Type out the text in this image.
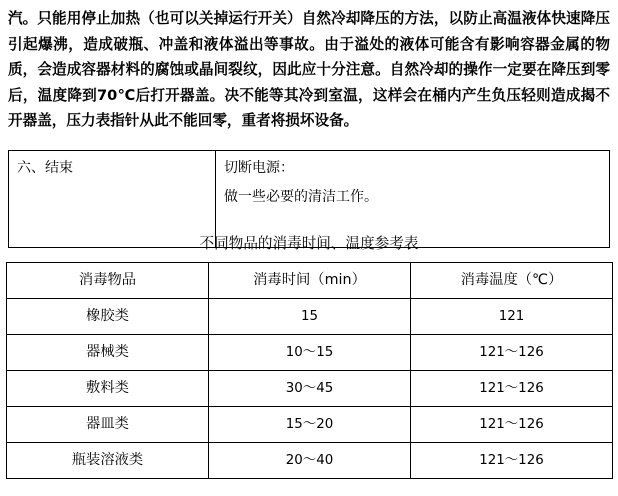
汽。只能用停止加热（也可以关掉运行开关）自然冷却降压的方法，以防止高温液体快速降压引起爆沸，造成破瓶、冲盖和液体溢出等事故。由于溢处的液体可能含有影响容器金属的物质，会造成容器材料的腐蚀或晶间裂纹，因此应十分注意。自然冷却的操作一定要在降压到零后，温度降到70℃后打开器盖。决不能等其冷到室温，这样会在桶内产生负压轻则造成揭不开器盖，压力表指针从此不能回零，重者将损坏设备。
六、结束	切断电源：
做一些必要的清洁工作。
不同物品的消毒时间、温度参考表
消毒物品	消毒时间（min）	消毒温度（℃）
橡胶类	15	121
器械类	10～15	121～126
敷料类	30～45	121～126
器皿类	15～20	121～126
瓶装溶液类	20～40	121～126
